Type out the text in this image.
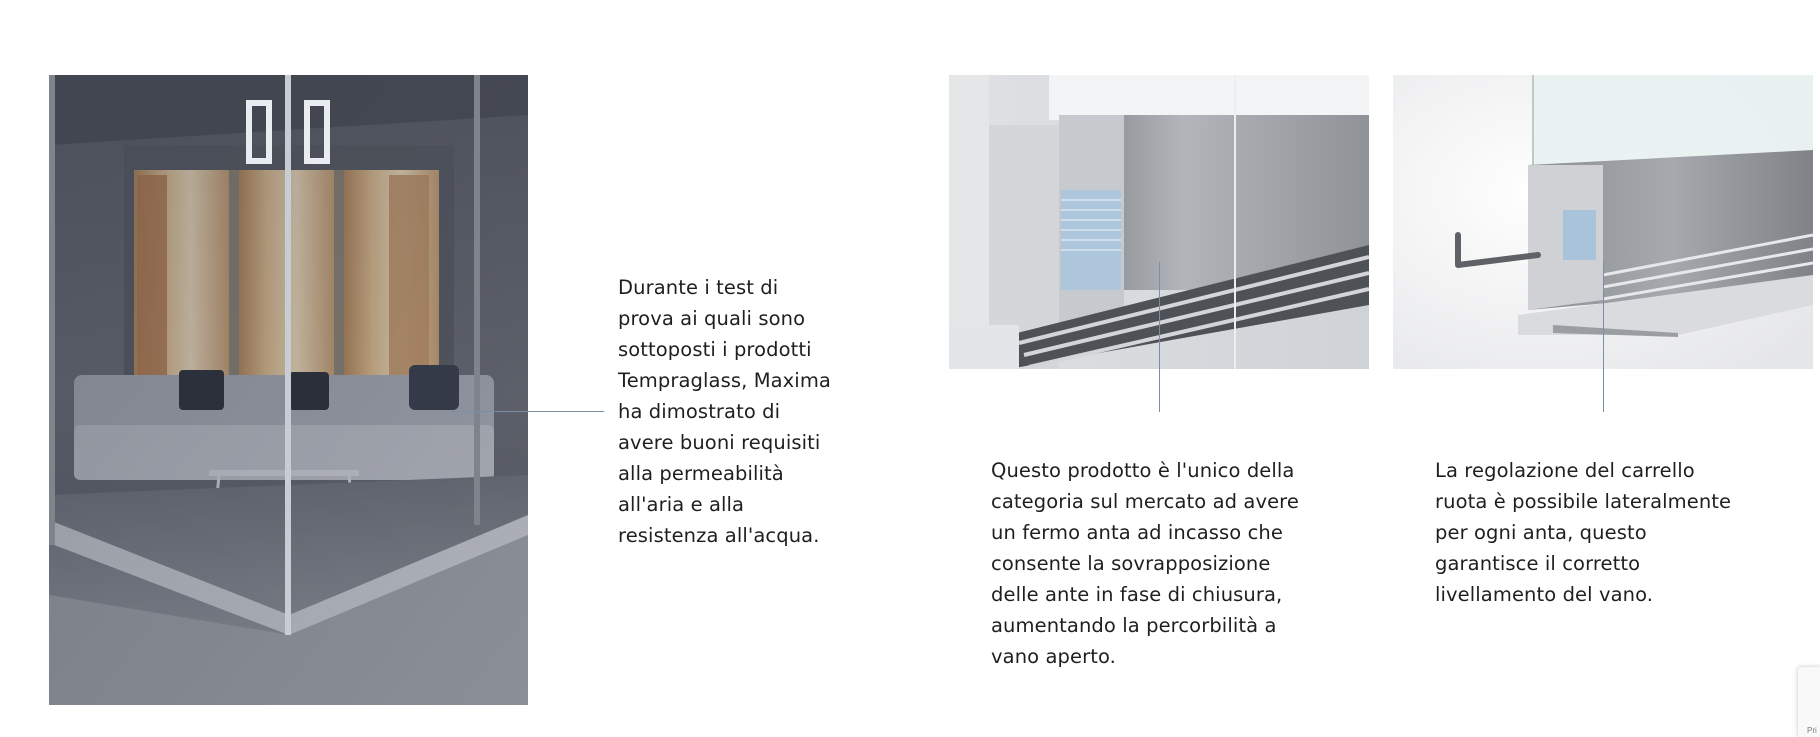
Durante i test di
prova ai quali sono
sottoposti i prodotti
Tempraglass, Maxima
ha dimostrato di
avere buoni requisiti
alla permeabilità
all'aria e alla
resistenza all'acqua.
Questo prodotto è l'unico della
categoria sul mercato ad avere
un fermo anta ad incasso che
consente la sovrapposizione
delle ante in fase di chiusura,
aumentando la percorbilità a
vano aperto.
La regolazione del carrello
ruota è possibile lateralmente
per ogni anta, questo
garantisce il corretto
livellamento del vano.
Pri
